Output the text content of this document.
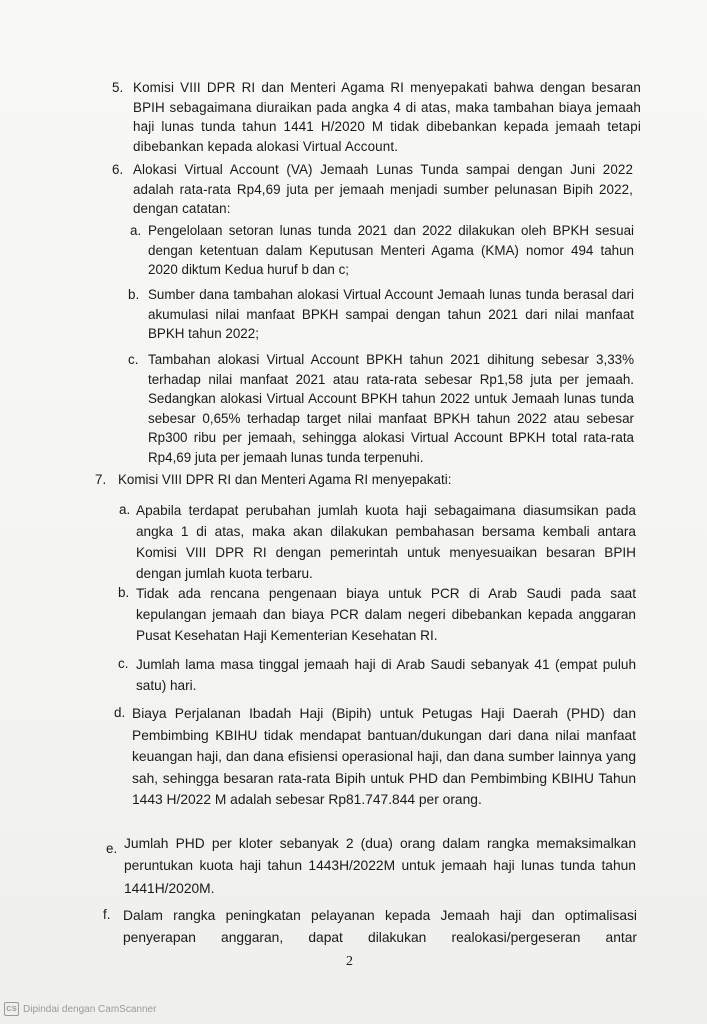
5. Komisi VIII DPR RI dan Menteri Agama RI menyepakati bahwa dengan besaran BPIH sebagaimana diuraikan pada angka 4 di atas, maka tambahan biaya jemaah haji lunas tunda tahun 1441 H/2020 M tidak dibebankan kepada jemaah tetapi dibebankan kepada alokasi Virtual Account.
6. Alokasi Virtual Account (VA) Jemaah Lunas Tunda sampai dengan Juni 2022 adalah rata-rata Rp4,69 juta per jemaah menjadi sumber pelunasan Bipih 2022, dengan catatan:
a. Pengelolaan setoran lunas tunda 2021 dan 2022 dilakukan oleh BPKH sesuai dengan ketentuan dalam Keputusan Menteri Agama (KMA) nomor 494 tahun 2020 diktum Kedua huruf b dan c;
b. Sumber dana tambahan alokasi Virtual Account Jemaah lunas tunda berasal dari akumulasi nilai manfaat BPKH sampai dengan tahun 2021 dari nilai manfaat BPKH tahun 2022;
c. Tambahan alokasi Virtual Account BPKH tahun 2021 dihitung sebesar 3,33% terhadap nilai manfaat 2021 atau rata-rata sebesar Rp1,58 juta per jemaah. Sedangkan alokasi Virtual Account BPKH tahun 2022 untuk Jemaah lunas tunda sebesar 0,65% terhadap target nilai manfaat BPKH tahun 2022 atau sebesar Rp300 ribu per jemaah, sehingga alokasi Virtual Account BPKH total rata-rata Rp4,69 juta per jemaah lunas tunda terpenuhi.
7. Komisi VIII DPR RI dan Menteri Agama RI menyepakati:
a. Apabila terdapat perubahan jumlah kuota haji sebagaimana diasumsikan pada angka 1 di atas, maka akan dilakukan pembahasan bersama kembali antara Komisi VIII DPR RI dengan pemerintah untuk menyesuaikan besaran BPIH dengan jumlah kuota terbaru.
b. Tidak ada rencana pengenaan biaya untuk PCR di Arab Saudi pada saat kepulangan jemaah dan biaya PCR dalam negeri dibebankan kepada anggaran Pusat Kesehatan Haji Kementerian Kesehatan RI.
c. Jumlah lama masa tinggal jemaah haji di Arab Saudi sebanyak 41 (empat puluh satu) hari.
d. Biaya Perjalanan Ibadah Haji (Bipih) untuk Petugas Haji Daerah (PHD) dan Pembimbing KBIHU tidak mendapat bantuan/dukungan dari dana nilai manfaat keuangan haji, dan dana efisiensi operasional haji, dan dana sumber lainnya yang sah, sehingga besaran rata-rata Bipih untuk PHD dan Pembimbing KBIHU Tahun 1443 H/2022 M adalah sebesar Rp81.747.844 per orang.
e. Jumlah PHD per kloter sebanyak 2 (dua) orang dalam rangka memaksimalkan peruntukan kuota haji tahun 1443H/2022M untuk jemaah haji lunas tunda tahun 1441H/2020M.
f. Dalam rangka peningkatan pelayanan kepada Jemaah haji dan optimalisasi penyerapan anggaran, dapat dilakukan realokasi/pergeseran antar
2
CS Dipindai dengan CamScanner
